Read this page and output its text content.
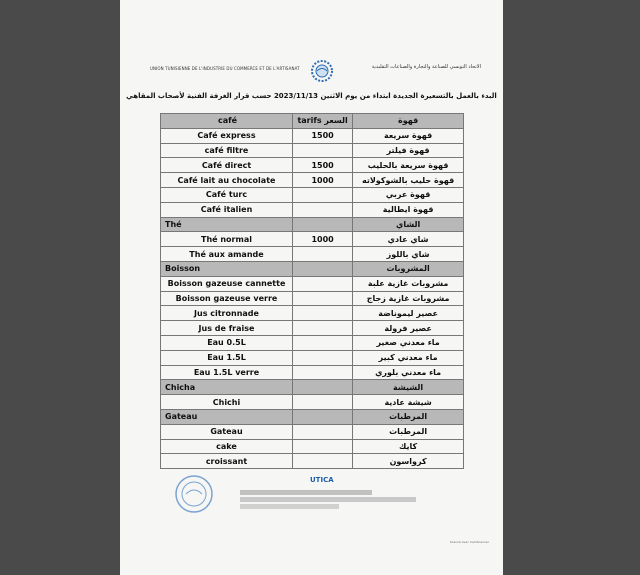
UNION TUNISIENNE DE L'INDUSTRIE DU COMMERCE ET DE L'ARTISANAT	الاتحاد التونسي للصناعة والتجارة والصناعات التقليدية
البدء بالعمل بالتسعيرة الجديدة ابتداء من يوم الاثنين 2023/11/13 حسب قرار الغرفة الفنية لأصحاب المقاهي
café	tarifs السعر	قهوة
Café express	1500	قهوة سريعة
café filtre		قهوة فيلتر
Café direct	1500	قهوة سريعة بالحليب
Café lait au chocolate	1000	قهوة حليب بالشوكولاته
Café turc		قهوة عربي
Café italien		قهوة ايطالية
Thé		الشاي
Thé normal	1000	شاي عادي
Thé aux amande		شاي باللوز
Boisson		المشروبات
Boisson gazeuse cannette		مشروبات غازية علبة
Boisson gazeuse verre		مشروبات غازية زجاج
Jus citronnade		عصير ليموناضة
Jus de fraise		عصير فرولة
Eau 0.5L		ماء معدني صغير
Eau 1.5L		ماء معدني كبير
Eau 1.5L verre		ماء معدني بلوري
Chicha		الشيشة
Chichi		شيشة عادية
Gateau		المرطبات
Gateau		المرطبات
cake		كايك
croissant		كرواسون
UTICA
Scanné avec CamScanner
